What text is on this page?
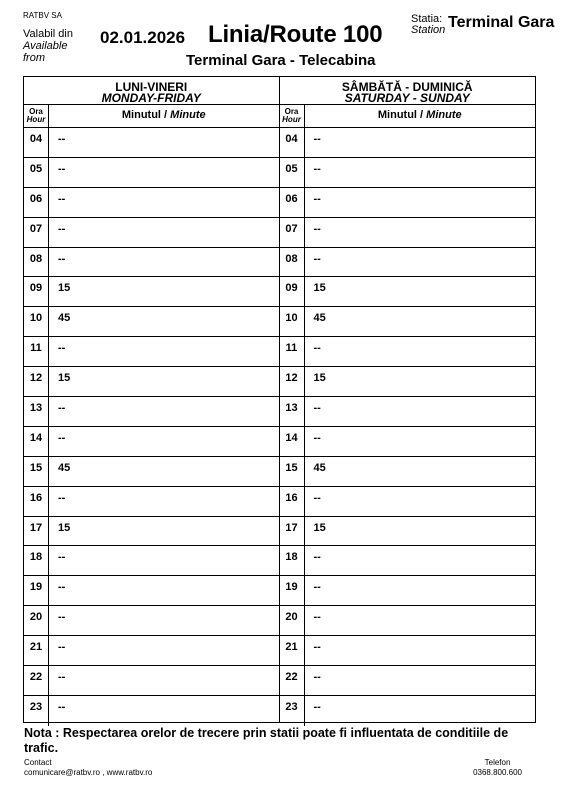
RATBV SA
Valabil din
Available
from
02.01.2026 Linia/Route 100
Terminal Gara - Telecabina
Statia:
Station Terminal Gara
LUNI-VINERI
MONDAY-FRIDAY
Ora
Hour	Minutul / Minute
04	--
05	--
06	--
07	--
08	--
09	15
10	45
11	--
12	15
13	--
14	--
15	45
16	--
17	15
18	--
19	--
20	--
21	--
22	--
23	--
SÂMBĂTĂ - DUMINICĂ
SATURDAY - SUNDAY
Ora
Hour	Minutul / Minute
04	--
05	--
06	--
07	--
08	--
09	15
10	45
11	--
12	15
13	--
14	--
15	45
16	--
17	15
18	--
19	--
20	--
21	--
22	--
23	--
Nota : Respectarea orelor de trecere prin statii poate fi influentata de conditiile de trafic.
Contact
comunicare@ratbv.ro , www.ratbv.ro
Telefon
0368.800.600
